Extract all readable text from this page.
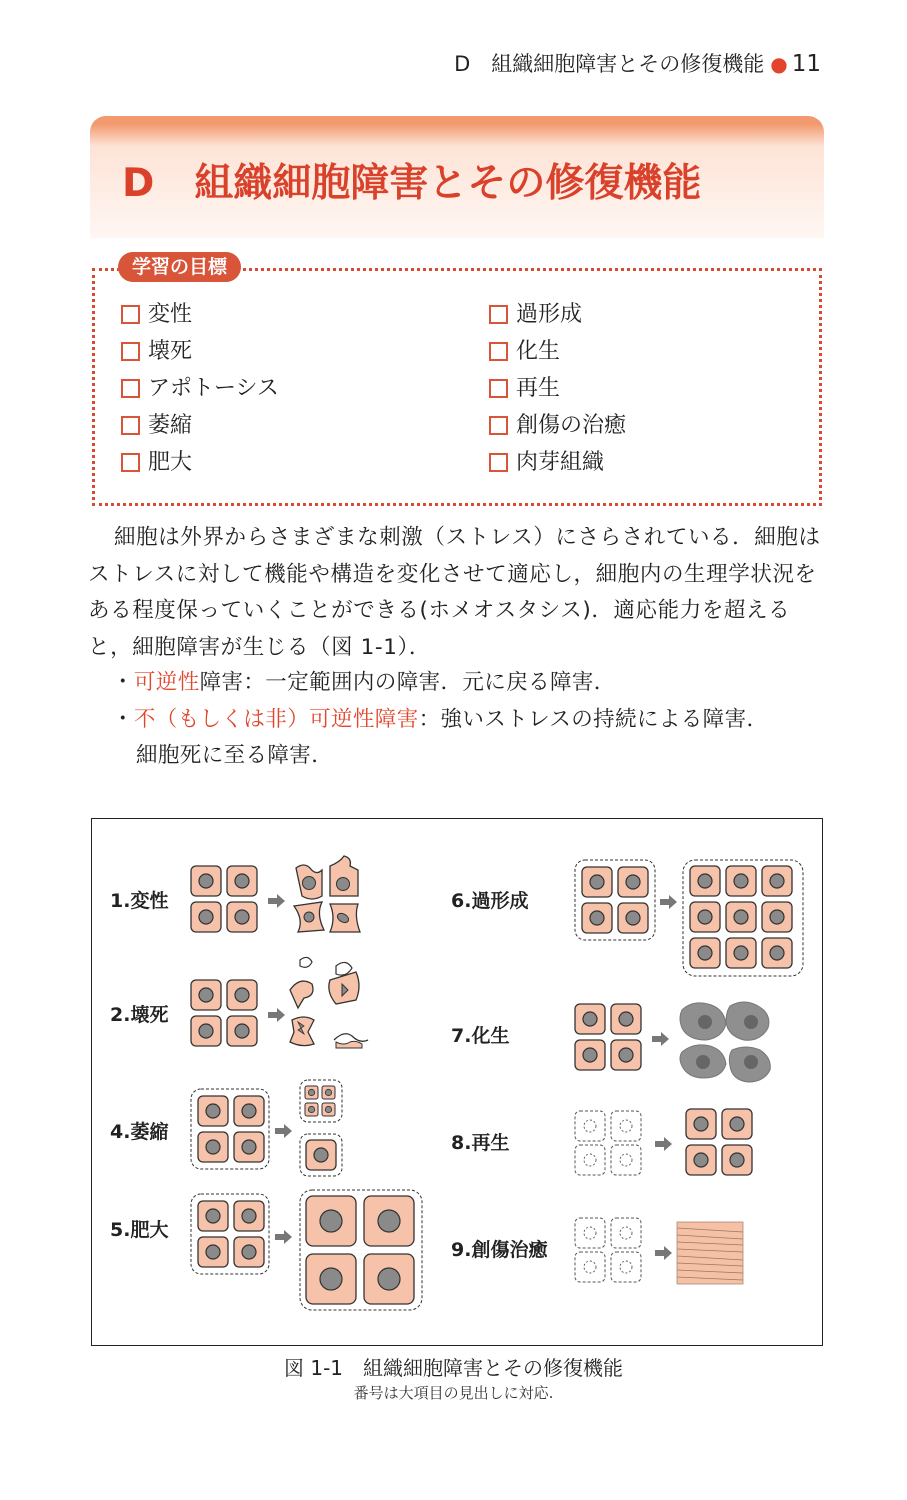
D　組織細胞障害とその修復機能 ● 11
D 組織細胞障害とその修復機能
学習の目標
変性
壊死
アポトーシス
萎縮
肥大
過形成
化生
再生
創傷の治癒
肉芽組織

細胞は外界からさまざまな刺激（ストレス）にさらされている．細胞はストレスに対して機能や構造を変化させて適応し，細胞内の生理学状況をある程度保っていくことができる(ホメオスタシス)．適応能力を超えると，細胞障害が生じる（図 1-1）．

・可逆性障害：一定範囲内の障害．元に戻る障害．
・不（もしくは非）可逆性障害：強いストレスの持続による障害．
細胞死に至る障害．
1.変性
2.壊死
4.萎縮
5.肥大
6.過形成
7.化生
8.再生
9.創傷治癒
図 1-1　組織細胞障害とその修復機能
番号は大項目の見出しに対応.
